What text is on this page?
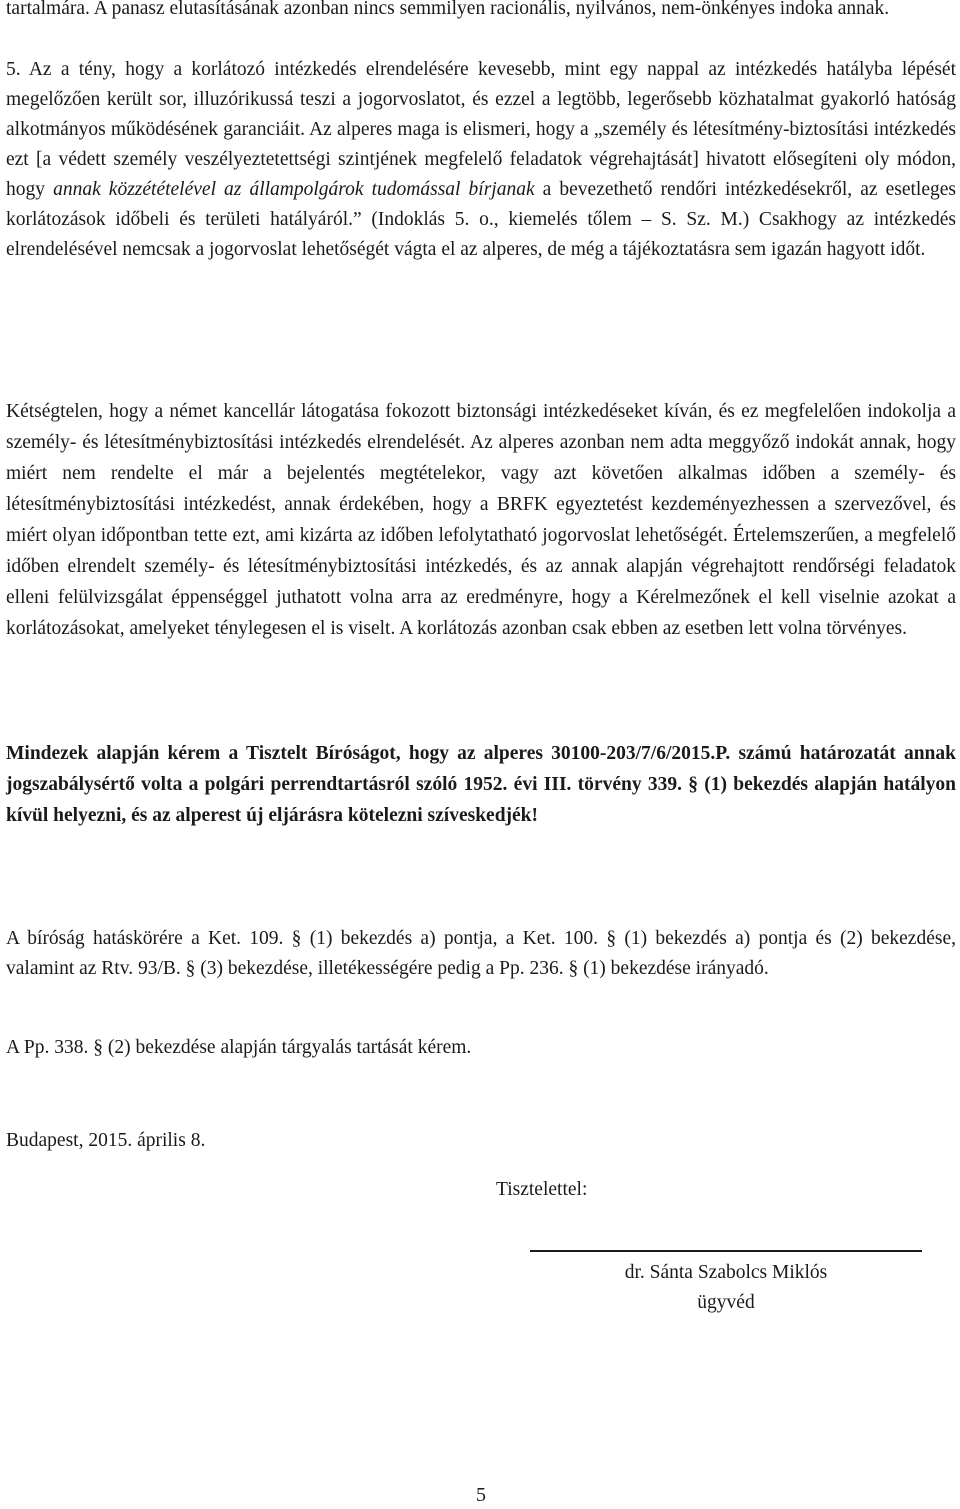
tartalmára. A panasz elutasításának azonban nincs semmilyen racionális, nyilvános, nem-önkényes indoka annak.

5. Az a tény, hogy a korlátozó intézkedés elrendelésére kevesebb, mint egy nappal az intézkedés hatályba lépését megelőzően került sor, illuzórikussá teszi a jogorvoslatot, és ezzel a legtöbb, legerősebb közhatalmat gyakorló hatóság alkotmányos működésének garanciáit. Az alperes maga is elismeri, hogy a „személy és létesítmény-biztosítási intézkedés ezt [a védett személy veszélyeztetettségi szintjének megfelelő feladatok végrehajtását] hivatott elősegíteni oly módon, hogy annak közzétételével az állampolgárok tudomással bírjanak a bevezethető rendőri intézkedésekről, az esetleges korlátozások időbeli és területi hatályáról.” (Indoklás 5. o., kiemelés tőlem – S. Sz. M.) Csakhogy az intézkedés elrendelésével nemcsak a jogorvoslat lehetőségét vágta el az alperes, de még a tájékoztatásra sem igazán hagyott időt.

Kétségtelen, hogy a német kancellár látogatása fokozott biztonsági intézkedéseket kíván, és ez megfelelően indokolja a személy- és létesítménybiztosítási intézkedés elrendelését. Az alperes azonban nem adta meggyőző indokát annak, hogy miért nem rendelte el már a bejelentés megtételekor, vagy azt követően alkalmas időben a személy- és létesítménybiztosítási intézkedést, annak érdekében, hogy a BRFK egyeztetést kezdeményezhessen a szervezővel, és miért olyan időpontban tette ezt, ami kizárta az időben lefolytatható jogorvoslat lehetőségét. Értelemszerűen, a megfelelő időben elrendelt személy- és létesítménybiztosítási intézkedés, és az annak alapján végrehajtott rendőrségi feladatok elleni felülvizsgálat éppenséggel juthatott volna arra az eredményre, hogy a Kérelmezőnek el kell viselnie azokat a korlátozásokat, amelyeket ténylegesen el is viselt. A korlátozás azonban csak ebben az esetben lett volna törvényes.

Mindezek alapján kérem a Tisztelt Bíróságot, hogy az alperes 30100-203/7/6/2015.P. számú határozatát annak jogszabálysértő volta a polgári perrendtartásról szóló 1952. évi III. törvény 339. § (1) bekezdés alapján hatályon kívül helyezni, és az alperest új eljárásra kötelezni szíveskedjék!

A bíróság hatáskörére a Ket. 109. § (1) bekezdés a) pontja, a Ket. 100. § (1) bekezdés a) pontja és (2) bekezdése, valamint az Rtv. 93/B. § (3) bekezdése, illetékességére pedig a Pp. 236. § (1) bekezdése irányadó.

A Pp. 338. § (2) bekezdése alapján tárgyalás tartását kérem.

Budapest, 2015. április 8.
Tisztelettel:
dr. Sánta Szabolcs Miklós
ügyvéd
5
